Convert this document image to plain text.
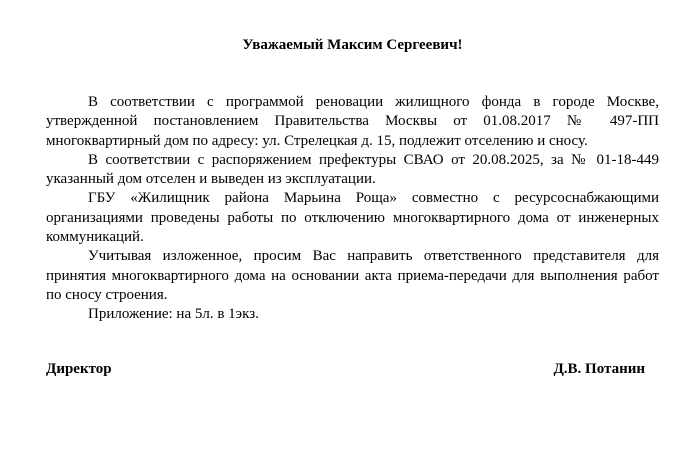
Уважаемый Максим Сергеевич!

В соответствии с программой реновации жилищного фонда в городе Москве, утвержденной постановлением Правительства Москвы от 01.08.2017 № 497-ПП многоквартирный дом по адресу: ул. Стрелецкая д. 15, подлежит отселению и сносу.

В соответствии с распоряжением префектуры СВАО от 20.08.2025, за № 01-18-449 указанный дом отселен и выведен из эксплуатации.

ГБУ «Жилищник района Марьина Роща» совместно с ресурсоснабжающими организациями проведены работы по отключению многоквартирного дома от инженерных коммуникаций.

Учитывая изложенное, просим Вас направить ответственного представителя для принятия многоквартирного дома на основании акта приема-передачи для выполнения работ по сносу строения.

Приложение: на 5л. в 1экз.

Директор	Д.В. Потанин
